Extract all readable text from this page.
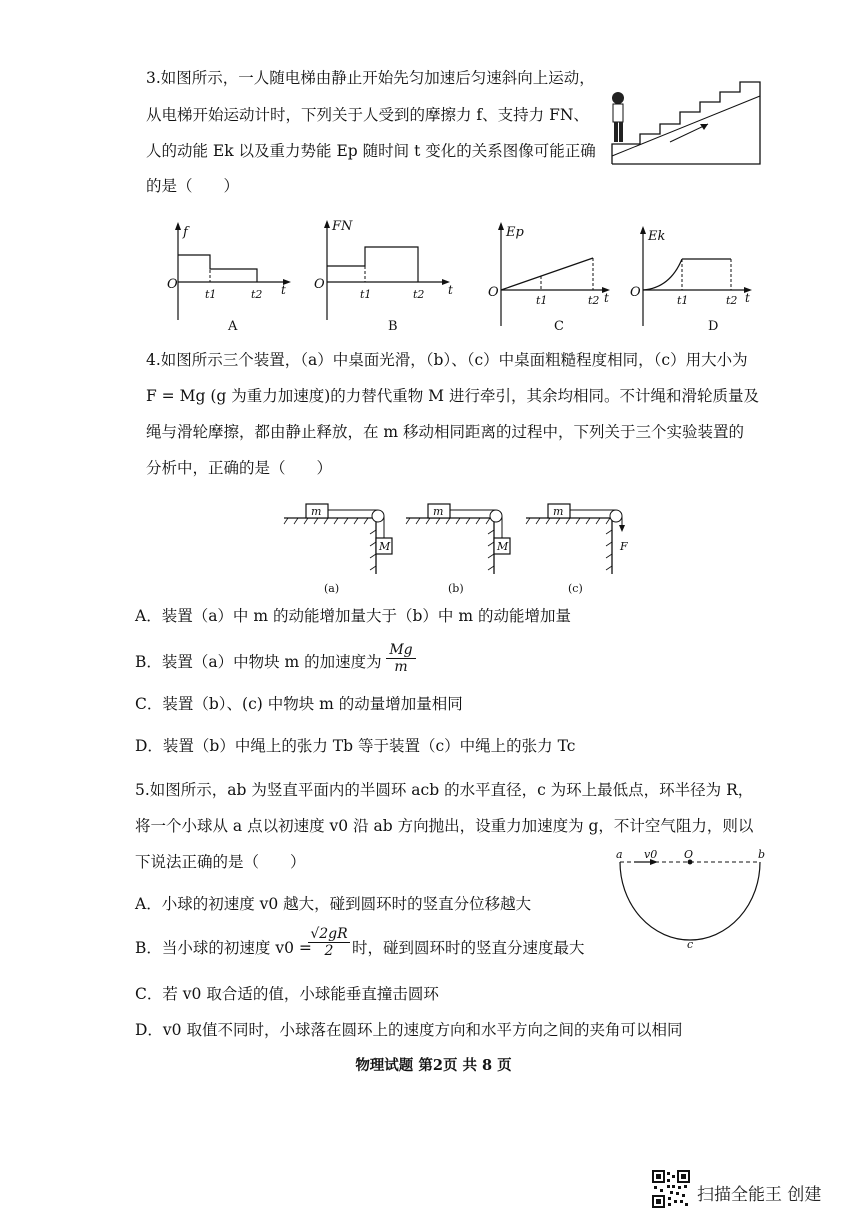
3.如图所示，一人随电梯由静止开始先匀加速后匀速斜向上运动，
从电梯开始运动计时，下列关于人受到的摩擦力 f、支持力 FN、
人的动能 Ek 以及重力势能 Ep 随时间 t 变化的关系图像可能正确
的是（　　）
f
O
t1	t2 t
A
FN
O
t1	t2 t
B
Ep
O
t1	t2 t
C
Ek
O
t1	t2 t
D
4.如图所示三个装置，（a）中桌面光滑，（b）、（c）中桌面粗糙程度相同，（c）用大小为
F = Mg (g 为重力加速度)的力替代重物 M 进行牵引，其余均相同。不计绳和滑轮质量及
绳与滑轮摩擦，都由静止释放，在 m 移动相同距离的过程中，下列关于三个实验装置的
分析中，正确的是（　　）
m
M
(a)
m
M
(b)
m
F
(c)
A．装置（a）中 m 的动能增加量大于（b）中 m 的动能增加量
B．装置（a）中物块 m 的加速度为 $\frac{Mg}{m}$
C．装置（b）、(c) 中物块 m 的动量增加量相同
D．装置（b）中绳上的张力 Tb 等于装置（c）中绳上的张力 Tc
5.如图所示，ab 为竖直平面内的半圆环 acb 的水平直径，c 为环上最低点，环半径为 R，
将一个小球从 a 点以初速度 v0 沿 ab 方向抛出，设重力加速度为 g，不计空气阻力，则以
下说法正确的是（　　）	a v0 O	b
c
A．小球的初速度 v0 越大，碰到圆环时的竖直分位移越大
B．当小球的初速度 v0 =
$\frac{√2gR}{2}$ 时，碰到圆环时的竖直分速度最大
C．若 v0 取合适的值，小球能垂直撞击圆环
D．v0 取值不同时，小球落在圆环上的速度方向和水平方向之间的夹角可以相同
物理试题 第2页 共 8 页
扫描全能王 创建
